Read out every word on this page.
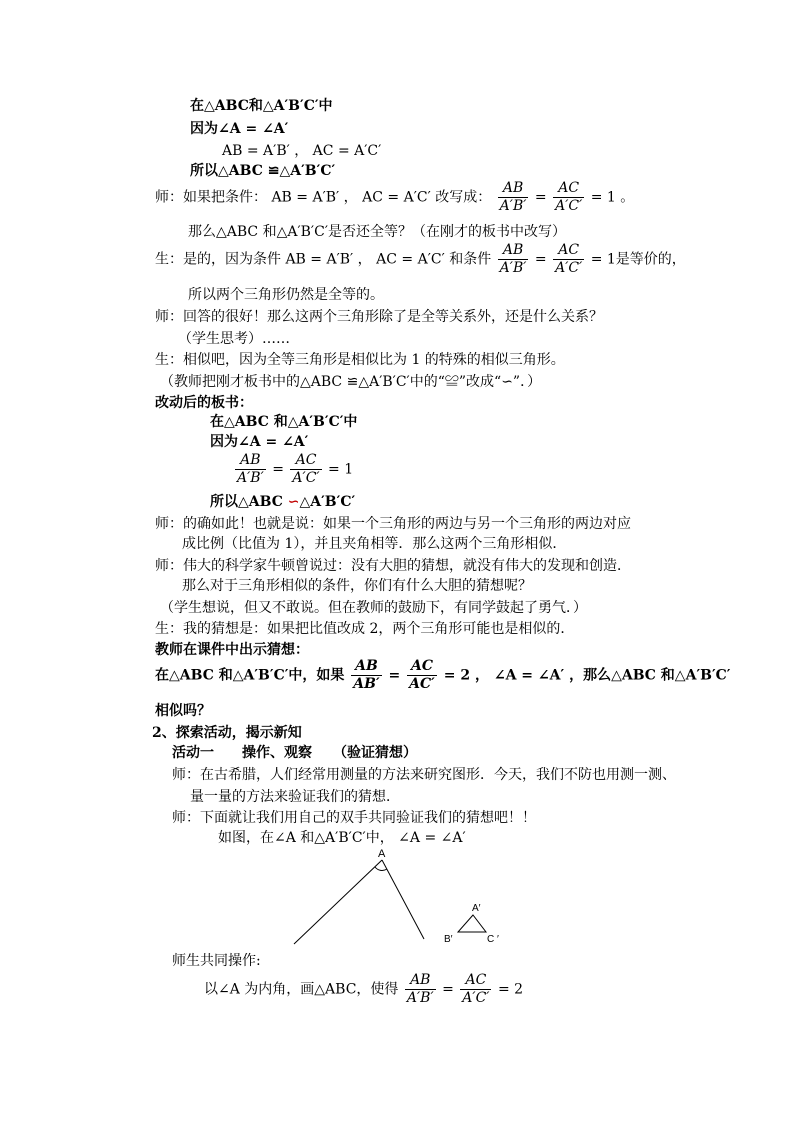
在△ABC和△A′B′C′中
因为∠A = ∠A′
AB = A′B′ ， AC = A′C′
所以△ABC ≌△A′B′C′
师：如果把条件： AB = A′B′ ， AC = A′C′ 改写成： $\frac{AB}{A'B'} = \frac{AC}{A'C'} = 1$ 。
那么△ABC 和△A′B′C′是否还全等？（在刚才的板书中改写）
生：是的，因为条件 AB = A′B′ ， AC = A′C′ 和条件 $\frac{AB}{A'B'} = \frac{AC}{A'C'} = 1$是等价的，
所以两个三角形仍然是全等的。
师：回答的很好！那么这两个三角形除了是全等关系外，还是什么关系？
（学生思考）……
生：相似吧，因为全等三角形是相似比为 1 的特殊的相似三角形。
（教师把刚才板书中的△ABC ≌△A′B′C′中的“≌”改成“∽”．）
改动后的板书：
在△ABC 和△A′B′C′中
因为∠A = ∠A′
$\frac{AB}{A'B'} = \frac{AC}{A'C'} = 1$
所以△ABC ∽△A′B′C′
师：的确如此！也就是说：如果一个三角形的两边与另一个三角形的两边对应
成比例（比值为 1），并且夹角相等．那么这两个三角形相似．
师：伟大的科学家牛顿曾说过：没有大胆的猜想，就没有伟大的发现和创造．
那么对于三角形相似的条件，你们有什么大胆的猜想呢？
（学生想说，但又不敢说。但在教师的鼓励下，有同学鼓起了勇气．）
生：我的猜想是：如果把比值改成 2，两个三角形可能也是相似的．
教师在课件中出示猜想：
在△ABC 和△A′B′C′中，如果 $\frac{AB}{AB'} = \frac{AC}{AC'} = 2$ ， ∠A = ∠A′ ，那么△ABC 和△A′B′C′
相似吗？
2、探索活动，揭示新知
活动一　　操作、观察　　（验证猜想）
师：在古希腊，人们经常用测量的方法来研究图形．今天，我们不防也用测一测、
量一量的方法来验证我们的猜想．
师：下面就让我们用自己的双手共同验证我们的猜想吧！！
如图，在∠A 和△A′B′C′中， ∠A = ∠A′
A
A′
B′	C ′
师生共同操作:
以∠A 为内角，画△ABC，使得 $\frac{AB}{A'B'} = \frac{AC}{A'C'} = 2$
